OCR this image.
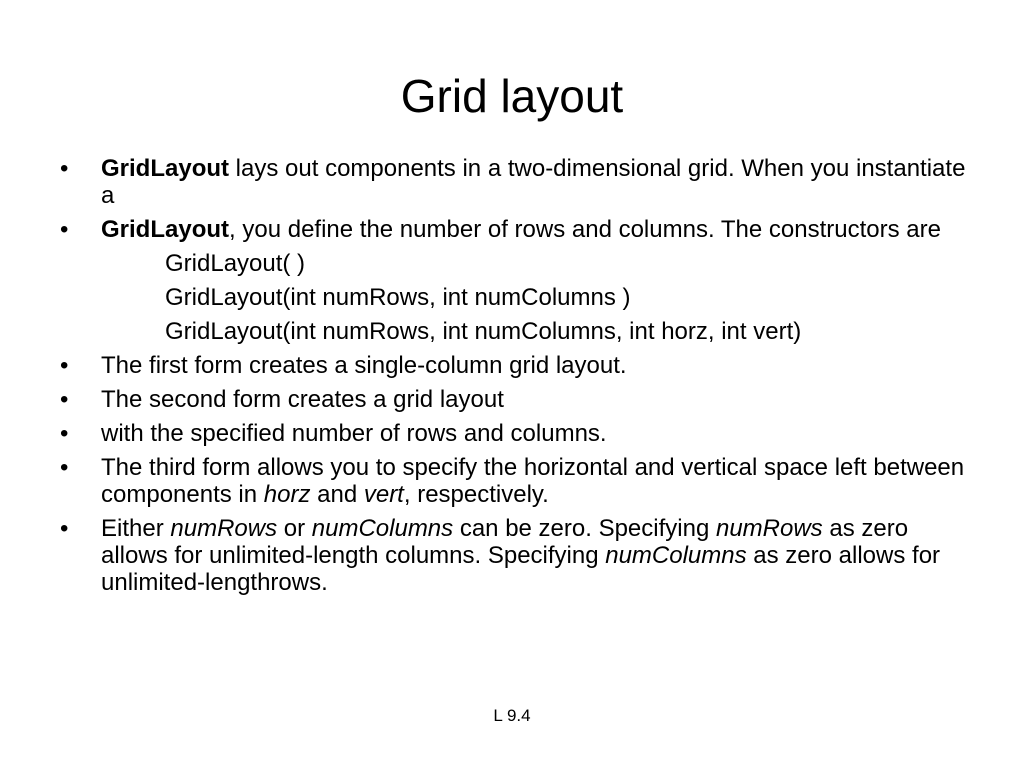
Grid layout
• GridLayout lays out components in a two-dimensional grid. When you instantiate a
• GridLayout, you define the number of rows and columns. The constructors are
GridLayout( )
GridLayout(int numRows, int numColumns )
GridLayout(int numRows, int numColumns, int horz, int vert)
• The first form creates a single-column grid layout.
• The second form creates a grid layout
• with the specified number of rows and columns.
• The third form allows you to specify the horizontal and vertical space left between components in horz and vert, respectively.
• Either numRows or numColumns can be zero. Specifying numRows as zero allows for unlimited-length columns. Specifying numColumns as zero allows for unlimited-lengthrows.
L 9.4
